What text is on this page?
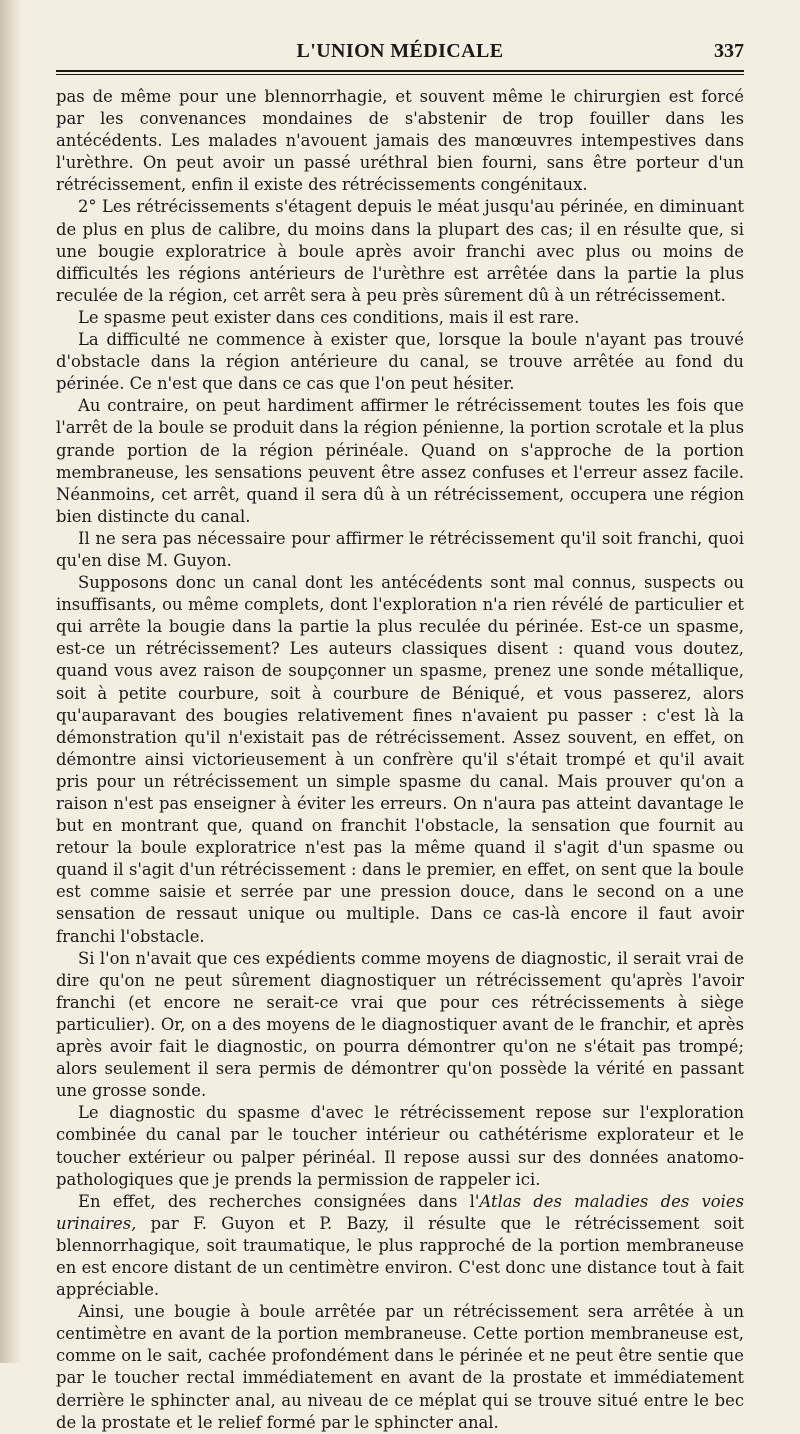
L'UNION MÉDICALE	337

pas de même pour une blennorrhagie, et souvent même le chirurgien est forcé par les convenances mondaines de s'abstenir de trop fouiller dans les antécédents. Les malades n'avouent jamais des manœuvres intempestives dans l'urèthre. On peut avoir un passé uréthral bien fourni, sans être porteur d'un rétrécissement, enfin il existe des rétrécissements congénitaux.

2° Les rétrécissements s'étagent depuis le méat jusqu'au périnée, en diminuant de plus en plus de calibre, du moins dans la plupart des cas; il en résulte que, si une bougie exploratrice à boule après avoir franchi avec plus ou moins de difficultés les régions antérieurs de l'urèthre est arrêtée dans la partie la plus reculée de la région, cet arrêt sera à peu près sûrement dû à un rétrécissement.

Le spasme peut exister dans ces conditions, mais il est rare.

La difficulté ne commence à exister que, lorsque la boule n'ayant pas trouvé d'obstacle dans la région antérieure du canal, se trouve arrêtée au fond du périnée. Ce n'est que dans ce cas que l'on peut hésiter.

Au contraire, on peut hardiment affirmer le rétrécissement toutes les fois que l'arrêt de la boule se produit dans la région pénienne, la portion scrotale et la plus grande portion de la région périnéale. Quand on s'approche de la portion membraneuse, les sensations peuvent être assez confuses et l'erreur assez facile. Néanmoins, cet arrêt, quand il sera dû à un rétrécissement, occupera une région bien distincte du canal.

Il ne sera pas nécessaire pour affirmer le rétrécissement qu'il soit franchi, quoi qu'en dise M. Guyon.

Supposons donc un canal dont les antécédents sont mal connus, suspects ou insuffisants, ou même complets, dont l'exploration n'a rien révélé de particulier et qui arrête la bougie dans la partie la plus reculée du périnée. Est-ce un spasme, est-ce un rétrécissement? Les auteurs classiques disent : quand vous doutez, quand vous avez raison de soupçonner un spasme, prenez une sonde métallique, soit à petite courbure, soit à courbure de Béniqué, et vous passerez, alors qu'auparavant des bougies relativement fines n'avaient pu passer : c'est là la démonstration qu'il n'existait pas de rétrécissement. Assez souvent, en effet, on démontre ainsi victorieusement à un confrère qu'il s'était trompé et qu'il avait pris pour un rétrécissement un simple spasme du canal. Mais prouver qu'on a raison n'est pas enseigner à éviter les erreurs. On n'aura pas atteint davantage le but en montrant que, quand on franchit l'obstacle, la sensation que fournit au retour la boule exploratrice n'est pas la même quand il s'agit d'un spasme ou quand il s'agit d'un rétrécissement : dans le premier, en effet, on sent que la boule est comme saisie et serrée par une pression douce, dans le second on a une sensation de ressaut unique ou multiple. Dans ce cas-là encore il faut avoir franchi l'obstacle.

Si l'on n'avait que ces expédients comme moyens de diagnostic, il serait vrai de dire qu'on ne peut sûrement diagnostiquer un rétrécissement qu'après l'avoir franchi (et encore ne serait-ce vrai que pour ces rétrécissements à siège particulier). Or, on a des moyens de le diagnostiquer avant de le franchir, et après après avoir fait le diagnostic, on pourra démontrer qu'on ne s'était pas trompé; alors seulement il sera permis de démontrer qu'on possède la vérité en passant une grosse sonde.

Le diagnostic du spasme d'avec le rétrécissement repose sur l'exploration combinée du canal par le toucher intérieur ou cathétérisme explorateur et le toucher extérieur ou palper périnéal. Il repose aussi sur des données anatomo-pathologiques que je prends la permission de rappeler ici.

En effet, des recherches consignées dans l'Atlas des maladies des voies urinaires, par F. Guyon et P. Bazy, il résulte que le rétrécissement soit blennorrhagique, soit traumatique, le plus rapproché de la portion membraneuse en est encore distant de un centimètre environ. C'est donc une distance tout à fait appréciable.

Ainsi, une bougie à boule arrêtée par un rétrécissement sera arrêtée à un centimètre en avant de la portion membraneuse. Cette portion membraneuse est, comme on le sait, cachée profondément dans le périnée et ne peut être sentie que par le toucher rectal immédiatement en avant de la prostate et immédiatement derrière le sphincter anal, au niveau de ce méplat qui se trouve situé entre le bec de la prostate et le relief formé par le sphincter anal.
